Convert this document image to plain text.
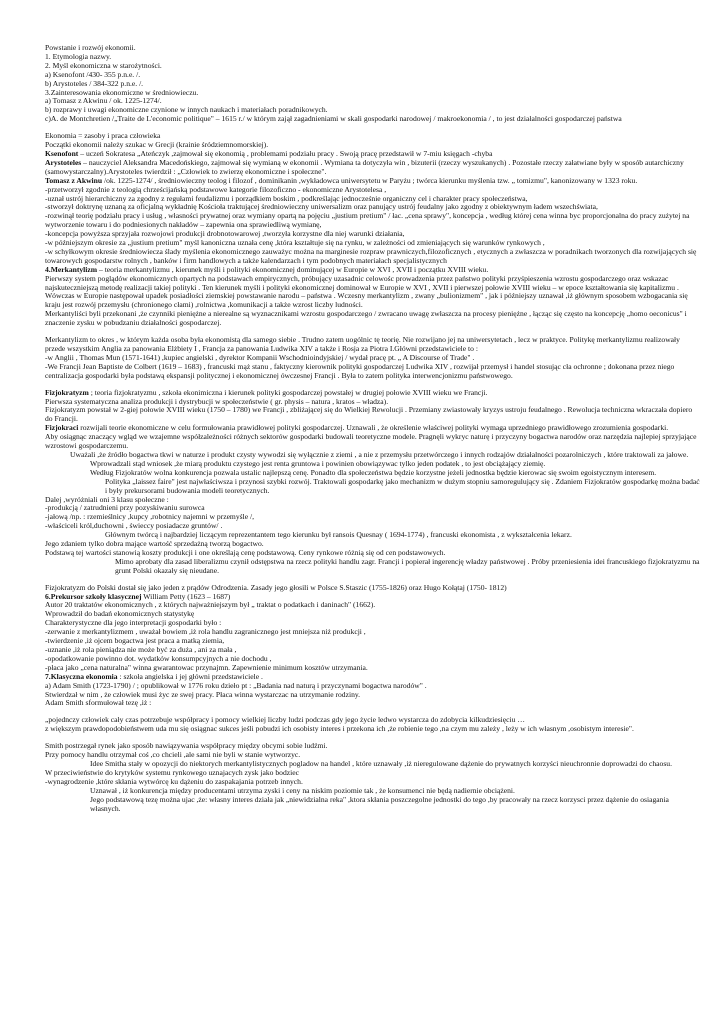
Powstanie i rozwój ekonomii.

1. Etymologia nazwy.

2. Myśl ekonomiczna w starożytności.

a) Ksenofont /430- 355 p.n.e. /.

b) Arystoteles / 384-322 p.n.e. /.

3.Zainteresowania ekonomiczne w średniowieczu.

a) Tomasz z Akwinu / ok. 1225-1274/.

b) rozprawy i uwagi ekonomiczne czynione w innych naukach i materiałach poradnikowych.

c)A. de Montchretien /„Traite de L'economic politique" – 1615 r./ w którym zajął zagadnieniami w skali gospodarki narodowej / makroekonomia / , to jest działalności gospodarczej państwa

Ekonomia = zasoby i praca człowieka

Początki ekonomii należy szukac w Grecji (krainie śródziemnomorskiej).

Ksenofont – uczeń Sokratesa „Ateńczyk ,zajmował się ekonomią , problemami podziału pracy . Swoją pracę przedstawił w 7-miu księgach -chyba

Arystoteles – nauczyciel Aleksandra Macedońskiego, zajmował się wymianą w ekonomii . Wymiana ta dotyczyła win , bizuterii (rzeczy wyszukanych) . Pozostałe rzeczy załatwiane były w sposób autarchiczny (samowystarczalny).Arystoteles twierdził : „Człowiek to zwierzę ekonomiczne i społeczne".

Tomasz z Akwinu /ok. 1225-1274/ , średniowieczny teolog i filozof , dominikanin ,wykładowca uniwersytetu w Paryżu ; twórca kierunku myślenia tzw. „ tomizmu", kanonizowany w 1323 roku.

-przetworzył zgodnie z teologią chrześcijańską podstawowe kategorie filozoficzno - ekonomiczne Arystotelesa ,

-uznał ustrój hierarchiczny za zgodny z regułami feudalizmu i porządkiem boskim , podkreślając jednocześnie organiczny cel i charakter pracy społeczeństwa,

-stworzył doktrynę uznaną za oficjalną wykładnię Kościoła traktującej średniowieczny uniwersalizm oraz panujący ustrój feudalny jako zgodny z obiektywnym ładem wszechświata,

-rozwinął teorię podziału pracy i usług , własności prywatnej oraz wymiany opartą na pojęciu „justium pretium" / łac. „cena sprawy", koncepcja , według której cena winna byc proporcjonalna do pracy zużytej na wytworzenie towaru i do podniesionych nakładów – zapewnia ona sprawiedliwą wymianę,

-koncepcja powyższa sprzyjała rozwojowi produkcji drobnotowarowej ,tworzyła korzystne dla niej warunki działania,

-w późniejszym okresie za „justium pretium" myśl kanoniczna uznała cenę ,która kształtuje się na rynku, w zależności od zmieniających się warunków rynkowych ,

-w schyłkowym okresie średniowiecza ślady myślenia ekonomicznego zauważyc można na marginesie rozpraw prawniczych,filozoficznych , etycznych a zwłaszcza w poradnikach tworzonych dla rozwijających się towarowych gospodarstw rolnych , banków i firm handlowych a także kalendarzach i tym podobnych materiałach specjalistycznych

4.Merkantylizm – teoria merkantylizmu , kierunek myśli i polityki ekonomicznej dominującej w Europie w XVI , XVII i początku XVIII wieku.

Pierwszy system poglądów ekonomicznych opartych na podstawach empirycznych, próbujący uzasadnic celowośc prowadzenia przez państwo polityki przyśpieszenia wzrostu gospodarczego oraz wskazac najskuteczniejszą metodę realizacji takiej polityki . Ten kierunek myśli i polityki ekonomicznej dominował w Europie w XVI , XVII i pierwszej połowie XVIII wieku – w epoce kształtowania się kapitalizmu . Wówczas w Europie następował upadek posiadłości ziemskiej powstawanie narodu – państwa . Wczesny merkantylizm , zwany „bulionizmem" , jak i późniejszy uznawał ,iż głównym sposobem wzbogacania się kraju jest rozwój przemysłu (chronionego cłami) ,rolnictwa ,komunikacji a także wzrost liczby ludności.

Merkantyliści byli przekonani ,że czynniki pieniężne a nierealne są wyznacznikami wzrostu gospodarczego / zwracano uwagę zwłaszcza na procesy pieniężne , łącząc się często na koncepcję „homo oeconicus" i znaczenie zysku w pobudzaniu działalności gospodarczej.

Merkantylizm to okres , w którym każda osoba była ekonomistą dla samego siebie . Trudno zatem uogólnic tę teorię. Nie rozwijano jej na uniwersytetach , lecz w praktyce. Politykę merkantylizmu realizowały przede wszystkim Anglia za panowania Elżbiety I , Francja za panowania Ludwika XIV a także i Rosja za Piotra I.Główni przedstawiciele to :

-w Anglii , Thomas Mun (1571-1641) ,kupiec angielski , dyrektor Kompanii Wschodnioindyjskiej / wydał pracę pt. „ A Discourse of Trade" .

-We Francji Jean Baptiste de Colbert (1619 – 1683) , francuski mąż stanu , faktyczny kierownik polityki gospodarczej Ludwika XIV , rozwijał przemysł i handel stosując cła ochronne ; dokonana przez niego centralizacja gospodarki była podstawą ekspansji politycznej i ekonomicznej ówczesnej Francji . Była to zatem polityka interwencjonizmu państwowego.

Fizjokratyzm ; teoria fizjokratyzmu , szkoła ekonimiczna i kierunek polityki gospodarczej powstałej w drugiej połowie XVIII wieku we Francji.

Pierwsza systematyczna analiza produkcji i dystrybucji w społeczeństwie ( gr. physis – natura , kratos – władza).

Fizjokratyzm powstał w 2-giej połowie XVIII wieku (1750 – 1780) we Francji , zbliżającej się do Wielkiej Rewolucji . Przemiany zwiastowały kryzys ustroju feudalnego . Rewolucja techniczna wkraczała dopiero do Francji.

Fizjokraci rozwijali teorie ekonomiczne w celu formułowania prawidłowej polityki gospodarczej. Uznawali , że określenie właściwej polityki wymaga uprzedniego prawidłowego zrozumienia gospodarki.

Aby osiągnąc znaczący wgląd we wzajemne współzależności różnych sektorów gospodarki budowali teoretyczne modele. Pragnęli wykryc naturę i przyczyny bogactwa narodów oraz narzędzia najlepiej sprzyjające wzrostowi gospodarczemu.

Uważali ,że źródło bogactwa tkwi w naturze i produkt czysty wywodzi się wyłącznie z ziemi , a nie z przemysłu przetwórczego i innych rodzajów działalności pozarolniczych , które traktowali za jałowe.

Wprowadzali stąd wniosek ,że miarą produktu czystego jest renta gruntowa i powinien obowiązywac tylko jeden podatek , to jest obciążający ziemię.

Według Fizjokratów wolna konkurencja pozwala ustalic najlepszą cenę. Ponadto dla społeczeństwa będzie korzystne jeżeli jednostka będzie kierowac się swoim egoistycznym interesem.

Polityka „laissez faire" jest najwłaściwsza i przynosi szybki rozwój. Traktowali gospodarkę jako mechanizm w dużym stopniu samoregulujący się . Zdaniem Fizjokratów gospodarkę można badać i były prekursorami budowania modeli teoretycznych.

Dalej ,wyróżniali oni 3 klasu społeczne :

-produkcją / zatrudnieni przy pozyskiwaniu surowca

-jałową /np. : rzemieślnicy ,kupcy ,robotnicy najemni w przemyśle /,

-właściceli król,duchowni , świeccy posiadacze gruntów/ .

Głównym twórcą i najbardziej liczącym reprezentantem tego kierunku był ransois Quesnay ( 1694-1774) , francuski ekonomista , z wykształcenia lekarz.

Jego zdaniem tylko dobra mające wartość sprzedażną tworzą bogactwo.

Podstawą tej wartości stanowią koszty produkcji i one określają cenę podstawową. Ceny rynkowe różnią się od cen podstawowych.

Mimo aprobaty dla zasad liberalizmu czynił odstępstwa na rzecz polityki handlu zagr. Francji i popierał ingerencję władzy państwowej . Próby przeniesienia idei francuskiego fizjokratyzmu na grunt Polski okazały się nieudane.

Fizjokratyzm do Polski dostał się jako jeden z prądów Odrodzenia. Zasady jego głosili w Polsce S.Staszic (1755-1826) oraz Hugo Kołątaj (1750- 1812)

6.Prekursor szkoły klasycznej William Petty (1623 – 1687)

Autor 20 traktatów ekonomicznych , z których najważniejszym był „ traktat o podatkach i daninach" (1662).

Wprowadził do badań ekonomicznych statystykę

Charakterystyczne dla jego interpretacji gospodarki było :

-zerwanie z merkantylizmem , uważał bowiem ,iż rola handlu zagranicznego jest mniejsza niż produkcji ,

-twierdzenie ,iż ojcem bogactwa jest praca a matką ziemia,

-uznanie ,iż rola pieniądza nie może być za duża , ani za mała ,

-opodatkowanie powinno dot. wydatków konsumpcyjnych a nie dochodu ,

-płaca jako „cena naturalna" winna gwarantowac przynajmn. Zapewnienie minimum kosztów utrzymania.

7.Klasyczna ekonomia : szkoła angielska i jej główni przedstawiciele .

a) Adam Smith (1723-1790) / ; opublikował w 1776 roku dzieło pt : „Badania nad naturą i przyczynami bogactwa narodów" .

Stwierdzał w nim , że człowiek musi życ ze swej pracy. Płaca winna wystarczac na utrzymanie rodziny.

Adam Smith sformułował tezę ,iż :

„pojednczy człowiek cały czas potrzebuje współpracy i pomocy wielkiej liczby ludzi podczas gdy jego życie ledwo wystarcza do zdobycia kilkudziesięciu …

z większym prawdopodobieństwem uda mu się osiągnac sukces jeśli pobudzi ich osobisty interes i przekona ich ,że robienie tego ,na czym mu zależy , leży w ich własnym ,osobistym interesie".

Smith postrzegał rynek jako sposób nawiązywania współpracy między obcymi sobie ludźmi.

Przy pomocy handlu otrzymał coś ,co chcieli ,ale sami nie byli w stanie wytworzyc.

Idee Smitha stały w opozycji do niektorych merkantylistycznych pogladow na handel , które uznawały ,iż nieregulowane dążenie do prywatnych korzyści nieuchronnie doprowadzi do chaosu.

W przeciwieństwie do krytyków systemu rynkowego uznajacych zysk jako bodziec

-wynagrodzenie ,które skłania wytwórcę ku dążeniu do zaspakajania potrzeb innych.

Uznawał , iż konkurencja między producentami utrzyma zyski i ceny na niskim poziomie tak , że konsumenci nie będą nadiernie obciążeni.

Jego podstawową tezę można ujac ,że: własny interes działa jak „niewidzialna reka" ,ktora skłania poszczegolne jednostki do tego ,by pracowały na rzecz korzysci przez dążenie do osiagania własnych.
